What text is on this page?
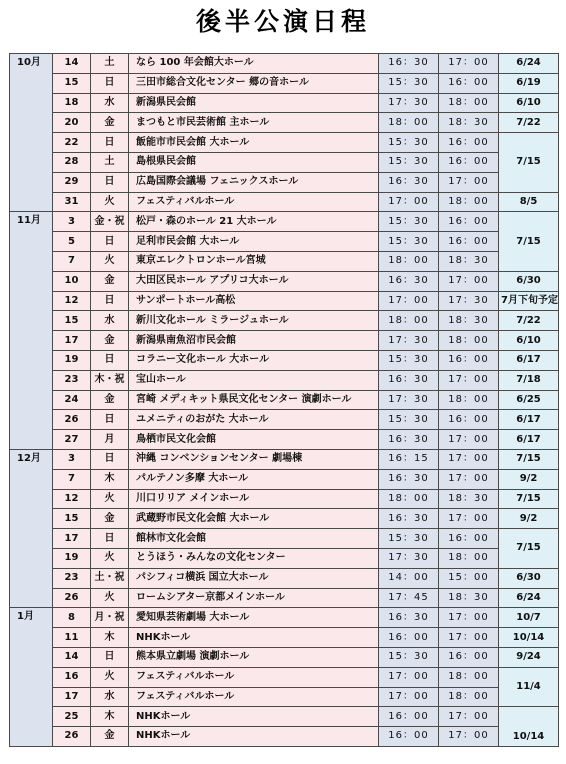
後半公演日程
10月	14	土	なら 100 年会館大ホール	16：30	17：00	6/24
	15	日	三田市総合文化センター 郷の音ホール	15：30	16：00	6/19
	18	水	新潟県民会館	17：30	18：00	6/10
	20	金	まつもと市民芸術館 主ホール	18：00	18：30	7/22
	22	日	飯能市市民会館 大ホール	15：30	16：00	7/15
	28	土	島根県民会館	15：30	16：00	
	29	日	広島国際会議場 フェニックスホール	16：30	17：00	
	31	火	フェスティバルホール	17：00	18：00	8/5
11月	3	金・祝	松戸・森のホール 21 大ホール	15：30	16：00	7/15
	5	日	足利市民会館 大ホール	15：30	16：00	
	7	火	東京エレクトロンホール宮城	18：00	18：30	
	10	金	大田区民ホール アプリコ大ホール	16：30	17：00	6/30
	12	日	サンポートホール高松	17：00	17：30	7月下旬予定
	15	水	新川文化ホール ミラージュホール	18：00	18：30	7/22
	17	金	新潟県南魚沼市民会館	17：30	18：00	6/10
	19	日	コラニー文化ホール 大ホール	15：30	16：00	6/17
	23	木・祝	宝山ホール	16：30	17：00	7/18
	24	金	宮崎 メディキット県民文化センター 演劇ホール	17：30	18：00	6/25
	26	日	ユメニティのおがた 大ホール	15：30	16：00	6/17
	27	月	鳥栖市民文化会館	16：30	17：00	6/17
12月	3	日	沖縄 コンベンションセンター 劇場棟	16：15	17：00	7/15
	7	木	パルテノン多摩 大ホール	16：30	17：00	9/2
	12	火	川口リリア メインホール	18：00	18：30	7/15
	15	金	武蔵野市民文化会館 大ホール	16：30	17：00	9/2
	17	日	館林市文化会館	15：30	16：00	7/15
	19	火	とうほう・みんなの文化センター	17：30	18：00	
	23	土・祝	パシフィコ横浜 国立大ホール	14：00	15：00	6/30
	26	火	ロームシアター京都メインホール	17：45	18：30	6/24
1月	8	月・祝	愛知県芸術劇場 大ホール	16：30	17：00	10/7
	11	木	NHKホール	16：00	17：00	10/14
	14	日	熊本県立劇場 演劇ホール	15：30	16：00	9/24
	16	火	フェスティバルホール	17：00	18：00	11/4
	17	水	フェスティバルホール	17：00	18：00	
	25	木	NHKホール	16：00	17：00	10/14
	26	金	NHKホール	16：00	17：00	
